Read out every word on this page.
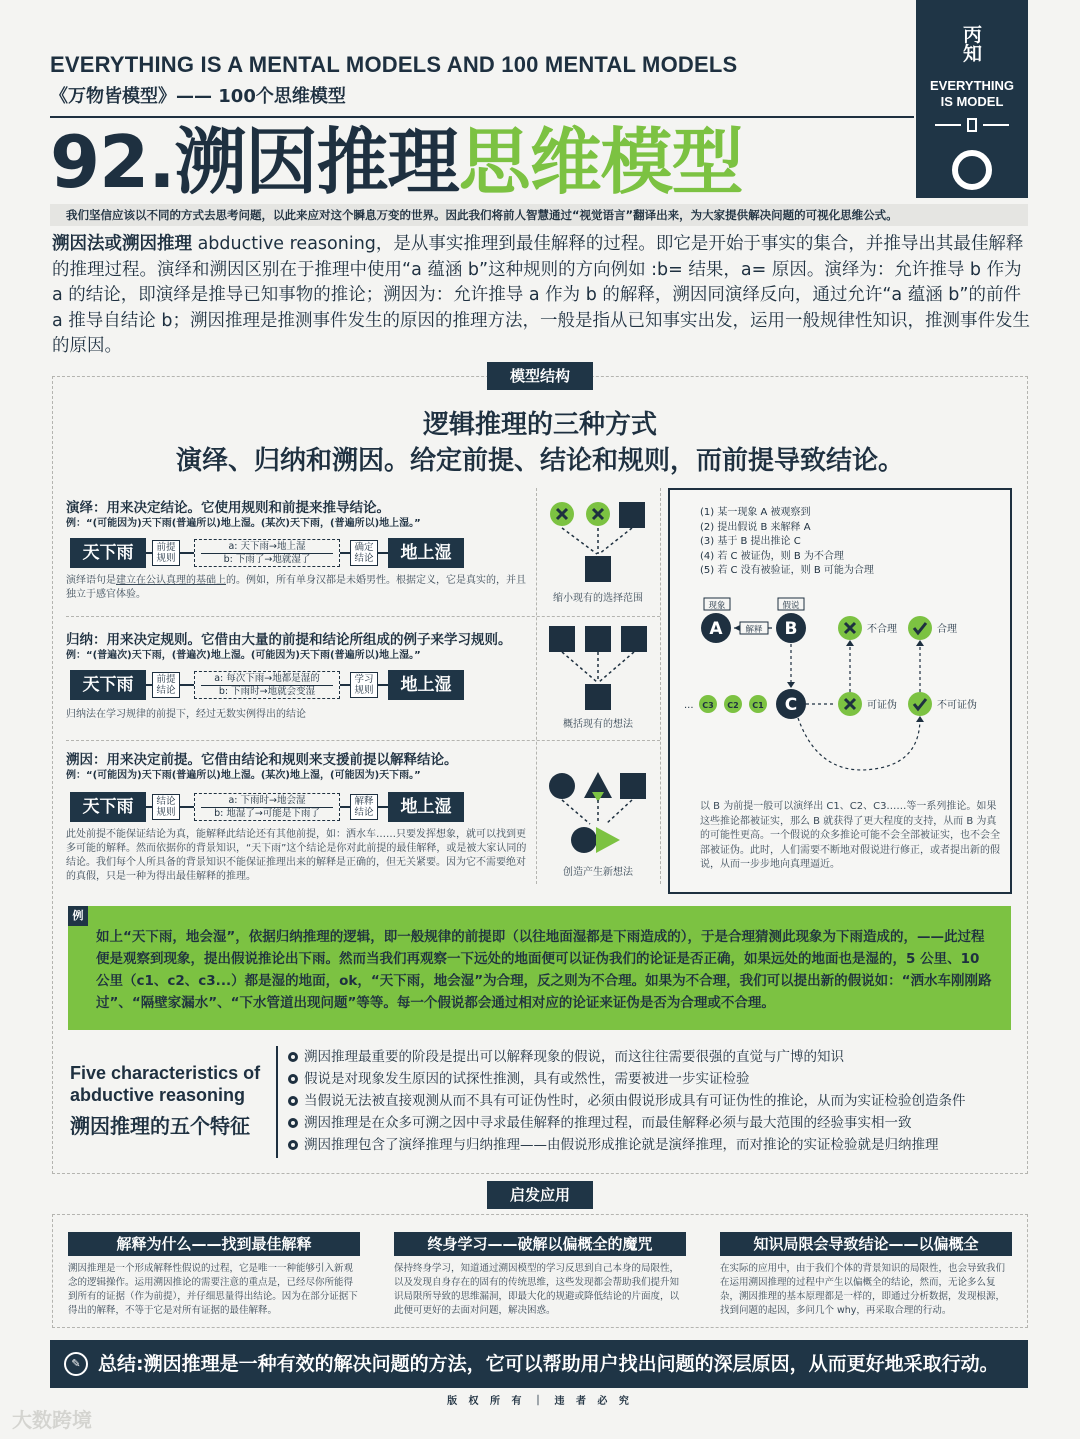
EVERYTHING IS A MENTAL MODELS AND 100 MENTAL MODELS
《万物皆模型》—— 100个思维模型
丙
知
EVERYTHING
IS MODEL
92.溯因推理思维模型
我们坚信应该以不同的方式去思考问题，以此来应对这个瞬息万变的世界。因此我们将前人智慧通过“视觉语言”翻译出来，为大家提供解决问题的可视化思维公式。
溯因法或溯因推理 abductive reasoning，是从事实推理到最佳解释的过程。即它是开始于事实的集合，并推导出其最佳解释的推理过程。演绎和溯因区别在于推理中使用“a 蕴涵 b”这种规则的方向例如 :b= 结果，a= 原因。演绎为：允许推导 b 作为 a 的结论，即演绎是推导已知事物的推论；溯因为：允许推导 a 作为 b 的解释，溯因同演绎反向，通过允许“a 蕴涵 b”的前件 a 推导自结论 b；溯因推理是推测事件发生的原因的推理方法，一般是指从已知事实出发，运用一般规律性知识，推测事件发生的原因。
模型结构
逻辑推理的三种方式
演绎、归纳和溯因。给定前提、结论和规则，而前提导致结论。
演绎：用来决定结论。它使用规则和前提来推导结论。
例：“(可能因为)天下雨(普遍所以)地上湿。(某次)天下雨，(普遍所以)地上湿。”
天下雨	前提
规则
a: 天下雨→地上湿
b: 下雨了→地就湿了
确定
结论	地上湿
演绎语句是建立在公认真理的基础上的。例如，所有单身汉都是未婚男性。根据定义，它是真实的，并且独立于感官体验。
归纳：用来决定规则。它借由大量的前提和结论所组成的例子来学习规则。
例：“(普遍次)天下雨，(普遍次)地上湿。(可能因为)天下雨(普遍所以)地上湿。”
天下雨	前提
结论
a: 每次下雨→地都是湿的
b: 下雨时→地就会变湿
学习
规则	地上湿
归纳法在学习规律的前提下，经过无数实例得出的结论
溯因：用来决定前提。它借由结论和规则来支援前提以解释结论。
例：“(可能因为)天下雨(普遍所以)地上湿。(某次)地上湿，(可能因为)天下雨。”
天下雨	结论
规则
a: 下雨时→地会湿
b: 地湿了→可能是下雨了
解释
结论	地上湿
此处前提不能保证结论为真，能解释此结论还有其他前提，如：洒水车……只要发挥想象，就可以找到更多可能的解释。然而依据你的背景知识，“天下雨”这个结论是你对此前提的最佳解释，或是被大家认同的结论。我们每个人所具备的背景知识不能保证推理出来的解释是正确的，但无关紧要。因为它不需要绝对的真假，只是一种为得出最佳解释的推理。
缩小现有的选择范围
概括现有的想法
创造产生新想法
(1) 某一现象 A 被观察到
(2) 提出假说 B 来解释 A
(3) 基于 B 提出推论 C
(4) 若 C 被证伪，则 B 为不合理
(5) 若 C 没有被验证，则 B 可能为合理
现象	假说
A	解释 B	不合理	合理
... C3 C2 C1 C	可证伪	不可证伪
以 B 为前提一般可以演绎出 C1、C2、C3……等一系列推论。如果这些推论都被证实，那么 B 就获得了更大程度的支持，从而 B 为真的可能性更高。一个假说的众多推论可能不会全部被证实，也不会全部被证伪。此时，人们需要不断地对假说进行修正，或者提出新的假说，从而一步步地向真理逼近。
例
如上“天下雨，地会湿”，依据归纳推理的逻辑，即一般规律的前提即（以往地面湿都是下雨造成的），于是合理猜测此现象为下雨造成的，——此过程便是观察到现象，提出假说推论出下雨。然而当我们再观察一下远处的地面便可以证伪我们的论证是否正确，如果远处的地面也是湿的，5 公里、10 公里（c1、c2、c3...）都是湿的地面，ok，“天下雨，地会湿”为合理，反之则为不合理。如果为不合理，我们可以提出新的假说如：“洒水车刚刚路过”、“隔壁家漏水”、“下水管道出现问题”等等。每一个假说都会通过相对应的论证来证伪是否为合理或不合理。
Five characteristics of
abductive reasoning
溯因推理的五个特征
溯因推理最重要的阶段是提出可以解释现象的假说，而这往往需要很强的直觉与广博的知识
假说是对现象发生原因的试探性推测，具有或然性，需要被进一步实证检验
当假说无法被直接观测从而不具有可证伪性时，必须由假说形成具有可证伪性的推论，从而为实证检验创造条件
溯因推理是在众多可溯之因中寻求最佳解释的推理过程，而最佳解释必须与最大范围的经验事实相一致
溯因推理包含了演绎推理与归纳推理——由假说形成推论就是演绎推理，而对推论的实证检验就是归纳推理
启发应用
解释为什么——找到最佳解释
溯因推理是一个形成解释性假说的过程，它是唯一一种能够引入新观念的逻辑操作。运用溯因推论的需要注意的重点是，已经尽你所能得到所有的证据（作为前提），并仔细思量得出结论。因为在部分证据下得出的解释，不等于它是对所有证据的最佳解释。
终身学习——破解以偏概全的魔咒
保持终身学习，知道通过溯因模型的学习反思到自己本身的局限性，以及发现自身存在的固有的传统思维，这些发现都会帮助我们提升知识局限所导致的思维漏洞，即最大化的规避或降低结论的片面度，以此便可更好的去面对问题，解决困惑。
知识局限会导致结论——以偏概全
在实际的应用中，由于我们个体的背景知识的局限性，也会导致我们在运用溯因推理的过程中产生以偏概全的结论，然而，无论多么复杂，溯因推理的基本原理都是一样的，即通过分析数据，发现根源，找到问题的起因，多问几个 why，再采取合理的行动。
✎ 总结:溯因推理是一种有效的解决问题的方法，它可以帮助用户找出问题的深层原因，从而更好地采取行动。
版 权 所 有 ｜ 违 者 必 究
大数跨境
